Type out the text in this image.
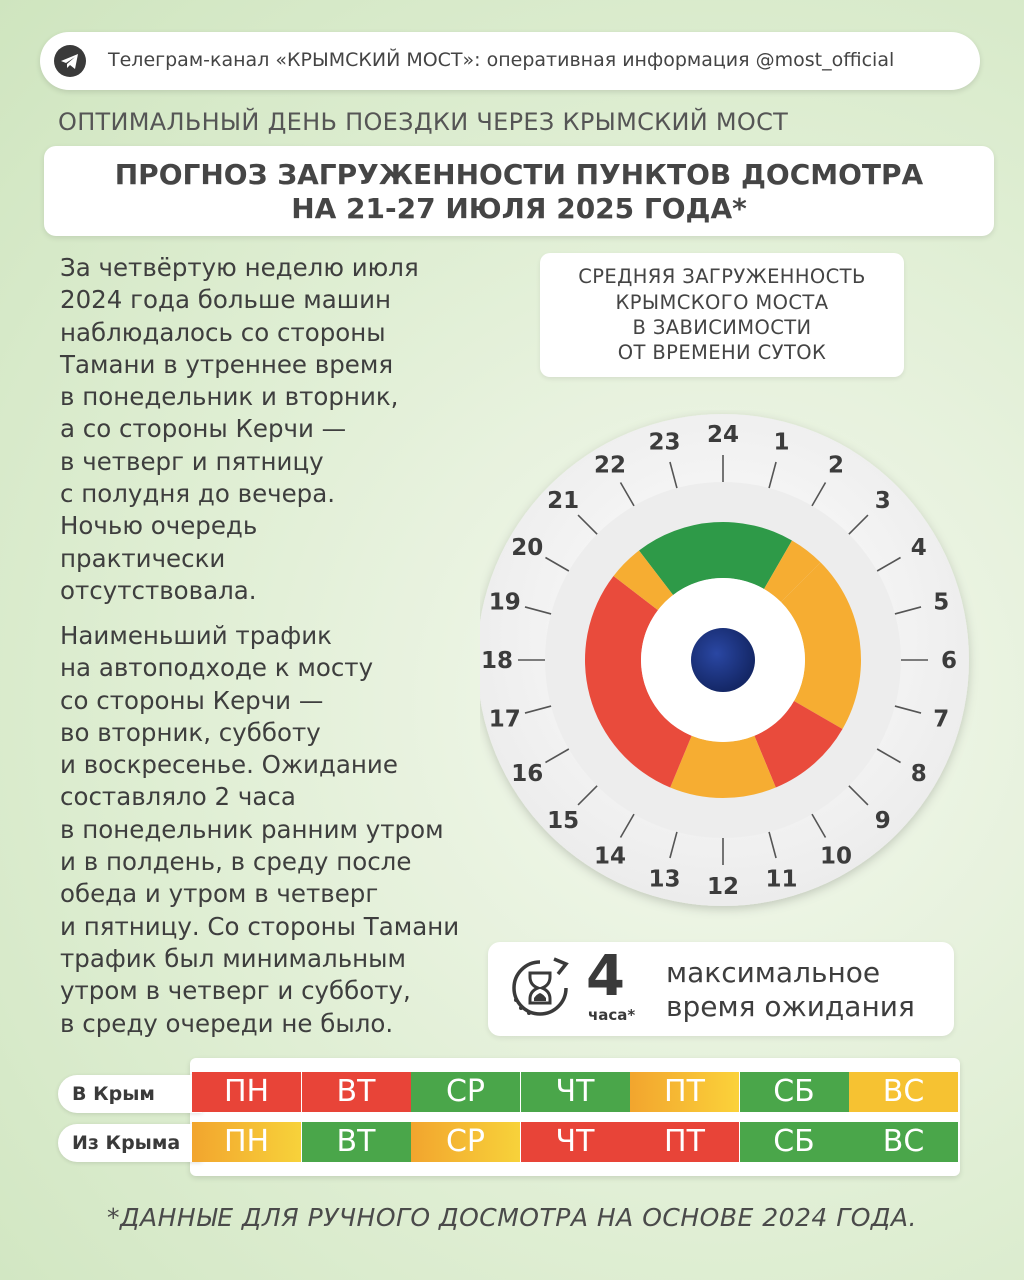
Телеграм-канал «КРЫМСКИЙ МОСТ»: оперативная информация @most_official
ОПТИМАЛЬНЫЙ ДЕНЬ ПОЕЗДКИ ЧЕРЕЗ КРЫМСКИЙ МОСТ
ПРОГНОЗ ЗАГРУЖЕННОСТИ ПУНКТОВ ДОСМОТРА
НА 21-27 ИЮЛЯ 2025 ГОДА*
За четвёртую неделю июля
2024 года больше машин
наблюдалось со стороны
Тамани в утреннее время
в понедельник и вторник,
а со стороны Керчи —
в четверг и пятницу
с полудня до вечера.
Ночью очередь
практически
отсутствовала.
Наименьший трафик
на автоподходе к мосту
со стороны Керчи —
во вторник, субботу
и воскресенье. Ожидание
составляло 2 часа
в понедельник ранним утром
и в полдень, в среду после
обеда и утром в четверг
и пятницу. Со стороны Тамани
трафик был минимальным
утром в четверг и субботу,
в среду очереди не было.
СРЕДНЯЯ ЗАГРУЖЕННОСТЬ
КРЫМСКОГО МОСТА
В ЗАВИСИМОСТИ
ОТ ВРЕМЕНИ СУТОК
24 1
2
3
4
5
6
7
8
9
10
11
12
13
14
15
16
17
18
19
20
21
22
23
4
часа*
максимальное
время ожидания
В Крым
Из Крыма
ПН	ВТ	СР	ЧТ	ПТ	СБ	ВС
ПН	ВТ	СР	ЧТ	ПТ	СБ	ВС
*ДАННЫЕ ДЛЯ РУЧНОГО ДОСМОТРА НА ОСНОВЕ 2024 ГОДА.
